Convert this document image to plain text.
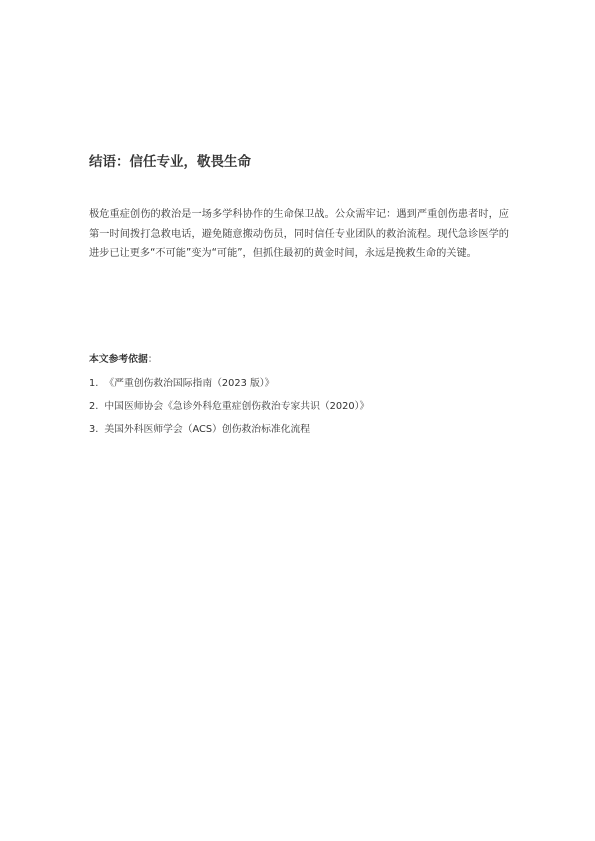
结语：信任专业，敬畏生命
极危重症创伤的救治是一场多学科协作的生命保卫战。公众需牢记：遇到严重创伤患者时，应第一时间拨打急救电话，避免随意搬动伤员，同时信任专业团队的救治流程。现代急诊医学的进步已让更多“不可能”变为“可能”，但抓住最初的黄金时间，永远是挽救生命的关键。
本文参考依据：
1. 《严重创伤救治国际指南（2023 版）》
2. 中国医师协会《急诊外科危重症创伤救治专家共识（2020）》
3. 美国外科医师学会（ACS）创伤救治标准化流程
